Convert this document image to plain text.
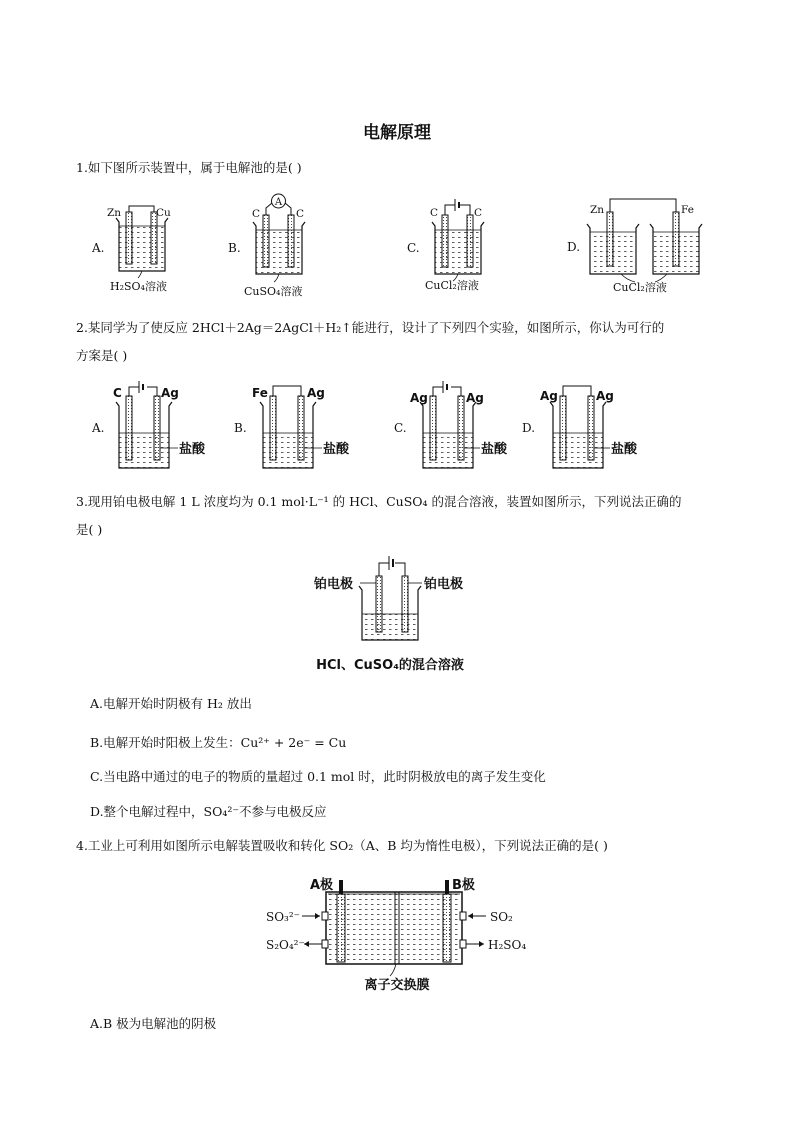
电解原理
1.如下图所示装置中，属于电解池的是( )
A.
Zn	Cu
H₂SO₄溶液
B.
A
C	C
CuSO₄溶液
C.
C	C
CuCl₂溶液
D.
Zn	Fe
CuCl₂溶液
2.某同学为了使反应 2HCl＋2Ag＝2AgCl＋H₂↑能进行，设计了下列四个实验，如图所示，你认为可行的
方案是( )
A.
C	Ag
盐酸
B.
Fe	Ag
盐酸
C.
Ag	Ag
盐酸
D.
Ag	Ag
盐酸
3.现用铂电极电解 1 L 浓度均为 0.1 mol·L⁻¹ 的 HCl、CuSO₄ 的混合溶液，装置如图所示，下列说法正确的
是( )
铂电极	铂电极
HCl、CuSO₄的混合溶液
A.电解开始时阴极有 H₂ 放出
B.电解开始时阳极上发生：Cu²⁺ + 2e⁻ = Cu
C.当电路中通过的电子的物质的量超过 0.1 mol 时，此时阴极放电的离子发生变化
D.整个电解过程中，SO₄²⁻不参与电极反应
4.工业上可利用如图所示电解装置吸收和转化 SO₂（A、B 均为惰性电极），下列说法正确的是( )
A极	B极
SO₃²⁻
S₂O₄²⁻
SO₂
H₂SO₄
离子交换膜
A.B 极为电解池的阴极
